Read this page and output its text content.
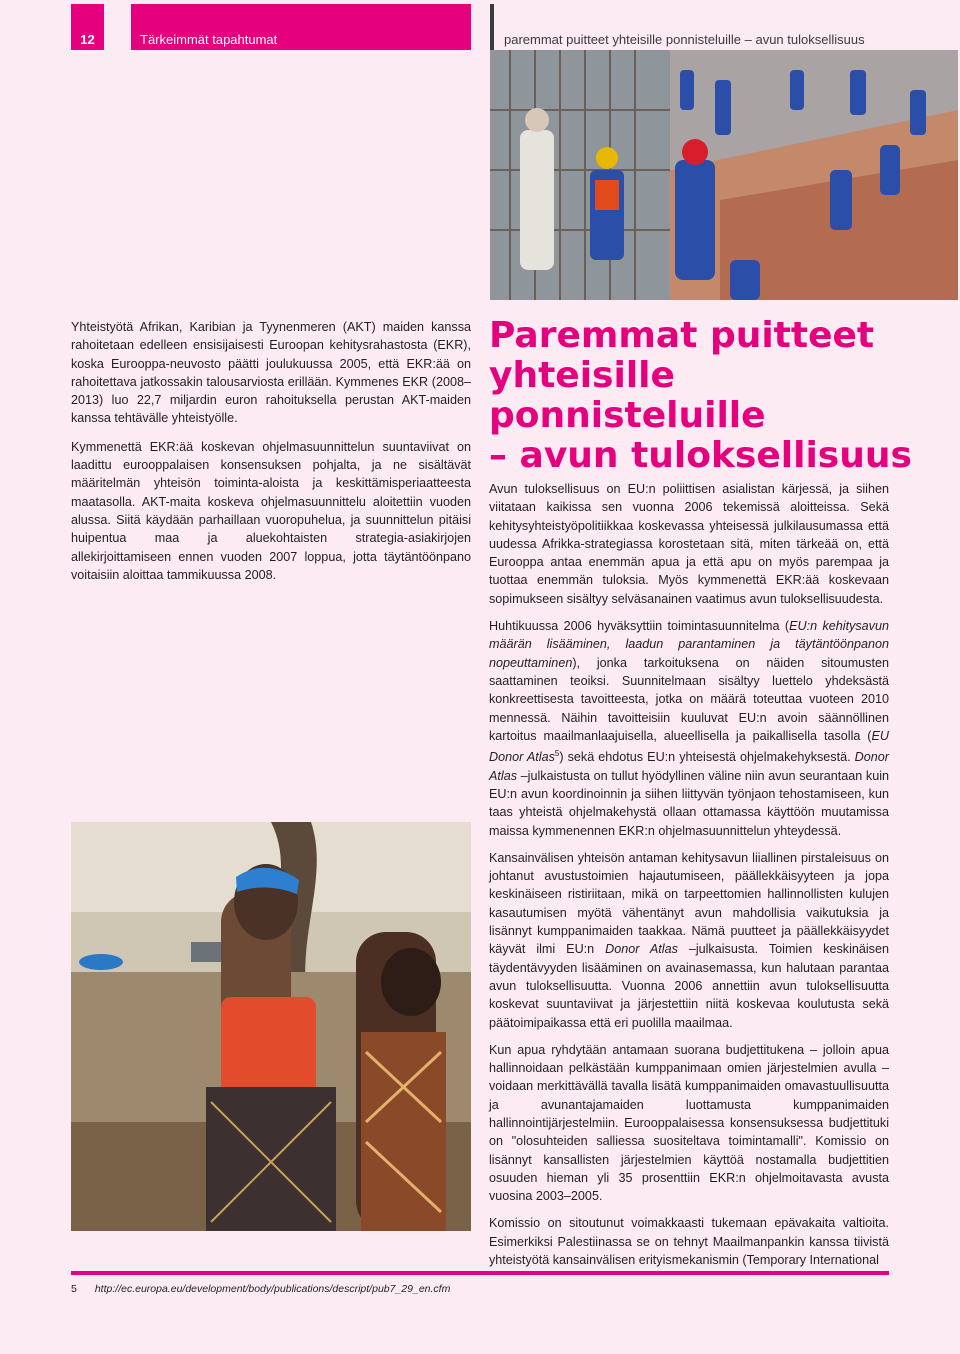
12	Tärkeimmät tapahtumat	paremmat puitteet yhteisille ponnisteluille – avun tuloksellisuus

Yhteistyötä Afrikan, Karibian ja Tyynenmeren (AKT) maiden kanssa rahoitetaan edelleen ensisijaisesti Euroopan kehitysrahastosta (EKR), koska Eurooppa-neuvosto päätti joulukuussa 2005, että EKR:ää on rahoitettava jatkossakin talousarviosta erillään. Kymmenes EKR (2008–2013) luo 22,7 miljardin euron rahoituksella perustan AKT-maiden kanssa tehtävälle yhteistyölle.

Kymmenettä EKR:ää koskevan ohjelmasuunnittelun suuntaviivat on laadittu eurooppalaisen konsensuksen pohjalta, ja ne sisältävät määritelmän yhteisön toiminta-aloista ja keskittämisperiaatteesta maatasolla. AKT-maita koskeva ohjelmasuunnittelu aloitettiin vuoden alussa. Siitä käydään parhaillaan vuoropuhelua, ja suunnittelun pitäisi huipentua maa ja aluekohtaisten strategia-asiakirjojen allekirjoittamiseen ennen vuoden 2007 loppua, jotta täytäntöönpano voitaisiin aloittaa tammikuussa 2008.

Paremmat puitteet
yhteisille ponnisteluille
– avun tuloksellisuus

Avun tuloksellisuus on EU:n poliittisen asialistan kärjessä, ja siihen viitataan kaikissa sen vuonna 2006 tekemissä aloitteissa. Sekä kehitysyhteistyöpolitiikkaa koskevassa yhteisessä julkilausumassa että uudessa Afrikka-strategiassa korostetaan sitä, miten tärkeää on, että Eurooppa antaa enemmän apua ja että apu on myös parempaa ja tuottaa enemmän tuloksia. Myös kymmenettä EKR:ää koskevaan sopimukseen sisältyy selväsanainen vaatimus avun tuloksellisuudesta.

Huhtikuussa 2006 hyväksyttiin toimintasuunnitelma (EU:n kehitysavun määrän lisääminen, laadun parantaminen ja täytäntöönpanon nopeuttaminen), jonka tarkoituksena on näiden sitoumusten saattaminen teoiksi. Suunnitelmaan sisältyy luettelo yhdeksästä konkreettisesta tavoitteesta, jotka on määrä toteuttaa vuoteen 2010 mennessä. Näihin tavoitteisiin kuuluvat EU:n avoin säännöllinen kartoitus maailmanlaajuisella, alueellisella ja paikallisella tasolla (EU Donor Atlas$^5$) sekä ehdotus EU:n yhteisestä ohjelmakehyksestä. Donor Atlas –julkaistusta on tullut hyödyllinen väline niin avun seurantaan kuin EU:n avun koordinoinnin ja siihen liittyvän työnjaon tehostamiseen, kun taas yhteistä ohjelmakehystä ollaan ottamassa käyttöön muutamissa maissa kymmenennen EKR:n ohjelmasuunnittelun yhteydessä.

Kansainvälisen yhteisön antaman kehitysavun liiallinen pirstaleisuus on johtanut avustustoimien hajautumiseen, päällekkäisyyteen ja jopa keskinäiseen ristiriitaan, mikä on tarpeettomien hallinnollisten kulujen kasautumisen myötä vähentänyt avun mahdollisia vaikutuksia ja lisännyt kumppanimaiden taakkaa. Nämä puutteet ja päällekkäisyydet käyvät ilmi EU:n Donor Atlas –julkaisusta. Toimien keskinäisen täydentävyyden lisääminen on avainasemassa, kun halutaan parantaa avun tuloksellisuutta. Vuonna 2006 annettiin avun tuloksellisuutta koskevat suuntaviivat ja järjestettiin niitä koskevaa koulutusta sekä päätoimipaikassa että eri puolilla maailmaa.

Kun apua ryhdytään antamaan suorana budjettitukena – jolloin apua hallinnoidaan pelkästään kumppanimaan omien järjestelmien avulla – voidaan merkittävällä tavalla lisätä kumppanimaiden omavastuullisuutta ja avunantajamaiden luottamusta kumppanimaiden hallinnointijärjestelmiin. Eurooppalaisessa konsensuksessa budjettituki on "olosuhteiden salliessa suositeltava toimintamalli". Komissio on lisännyt kansallisten järjestelmien käyttöä nostamalla budjettitien osuuden hieman yli 35 prosenttiin EKR:n ohjelmoitavasta avusta vuosina 2003–2005.

Komissio on sitoutunut voimakkaasti tukemaan epävakaita valtioita. Esimerkiksi Palestiinassa se on tehnyt Maailmanpankin kanssa tiivistä yhteistyötä kansainvälisen erityismekanismin (Temporary International

5 http://ec.europa.eu/development/body/publications/descript/pub7_29_en.cfm
